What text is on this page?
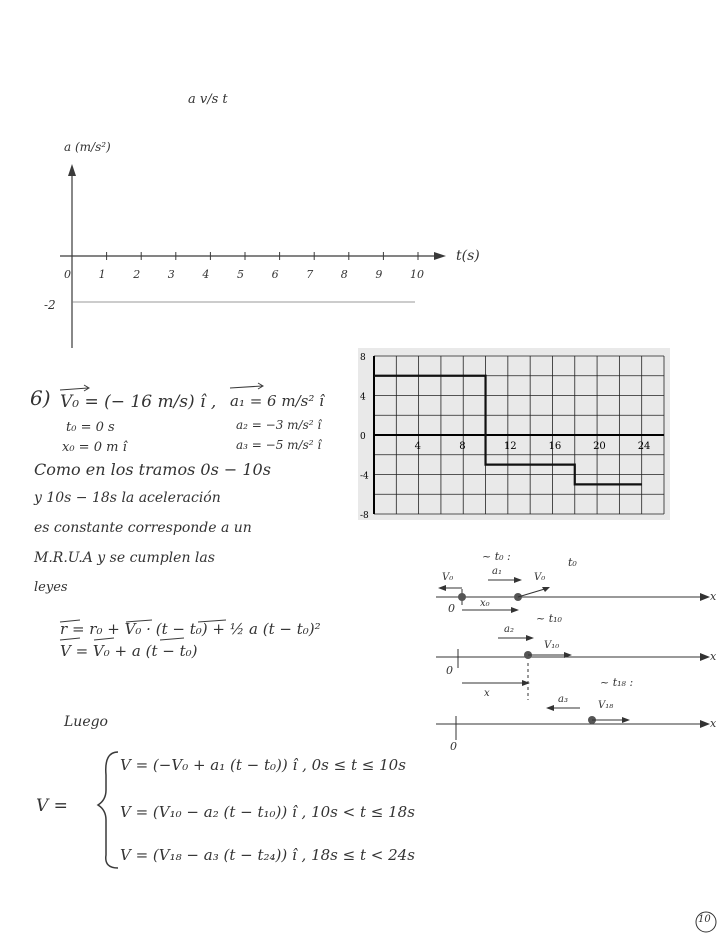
a v/s t
a (m/s²)
t(s)
-2
0	1	2	3	4	5	6	7	8	9	10
6) V₀ = (− 16 m/s) î ,
t₀ = 0 s
x₀ = 0 m î
a₁ = 6 m/s² î
a₂ = −3 m/s² î
a₃ = −5 m/s² î
Como en los tramos 0s − 10s
y 10s − 18s la aceleración
es constante corresponde a un
M.R.U.A y se cumplen las
leyes
r = r₀ + V₀ · (t − t₀) + ½ a (t − t₀)²
V = V₀ + a (t − t₀)
Luego
V =
V = (−V₀ + a₁ (t − t₀)) î , 0s ≤ t ≤ 10s
V = (V₁₀ − a₂ (t − t₁₀)) î , 10s < t ≤ 18s
V = (V₁₈ − a₃ (t − t₂₄)) î , 18s ≤ t < 24s
4	8	12	16	20	24
8
4
0
-4
-8
~ t₀ :	t₀
V₀
a₁
V₀
x₀
0
x
~ t₁₀
a₂
V₁₀
x
0
x
~ t₁₈ :
a₃
V₁₈
0
x
10
